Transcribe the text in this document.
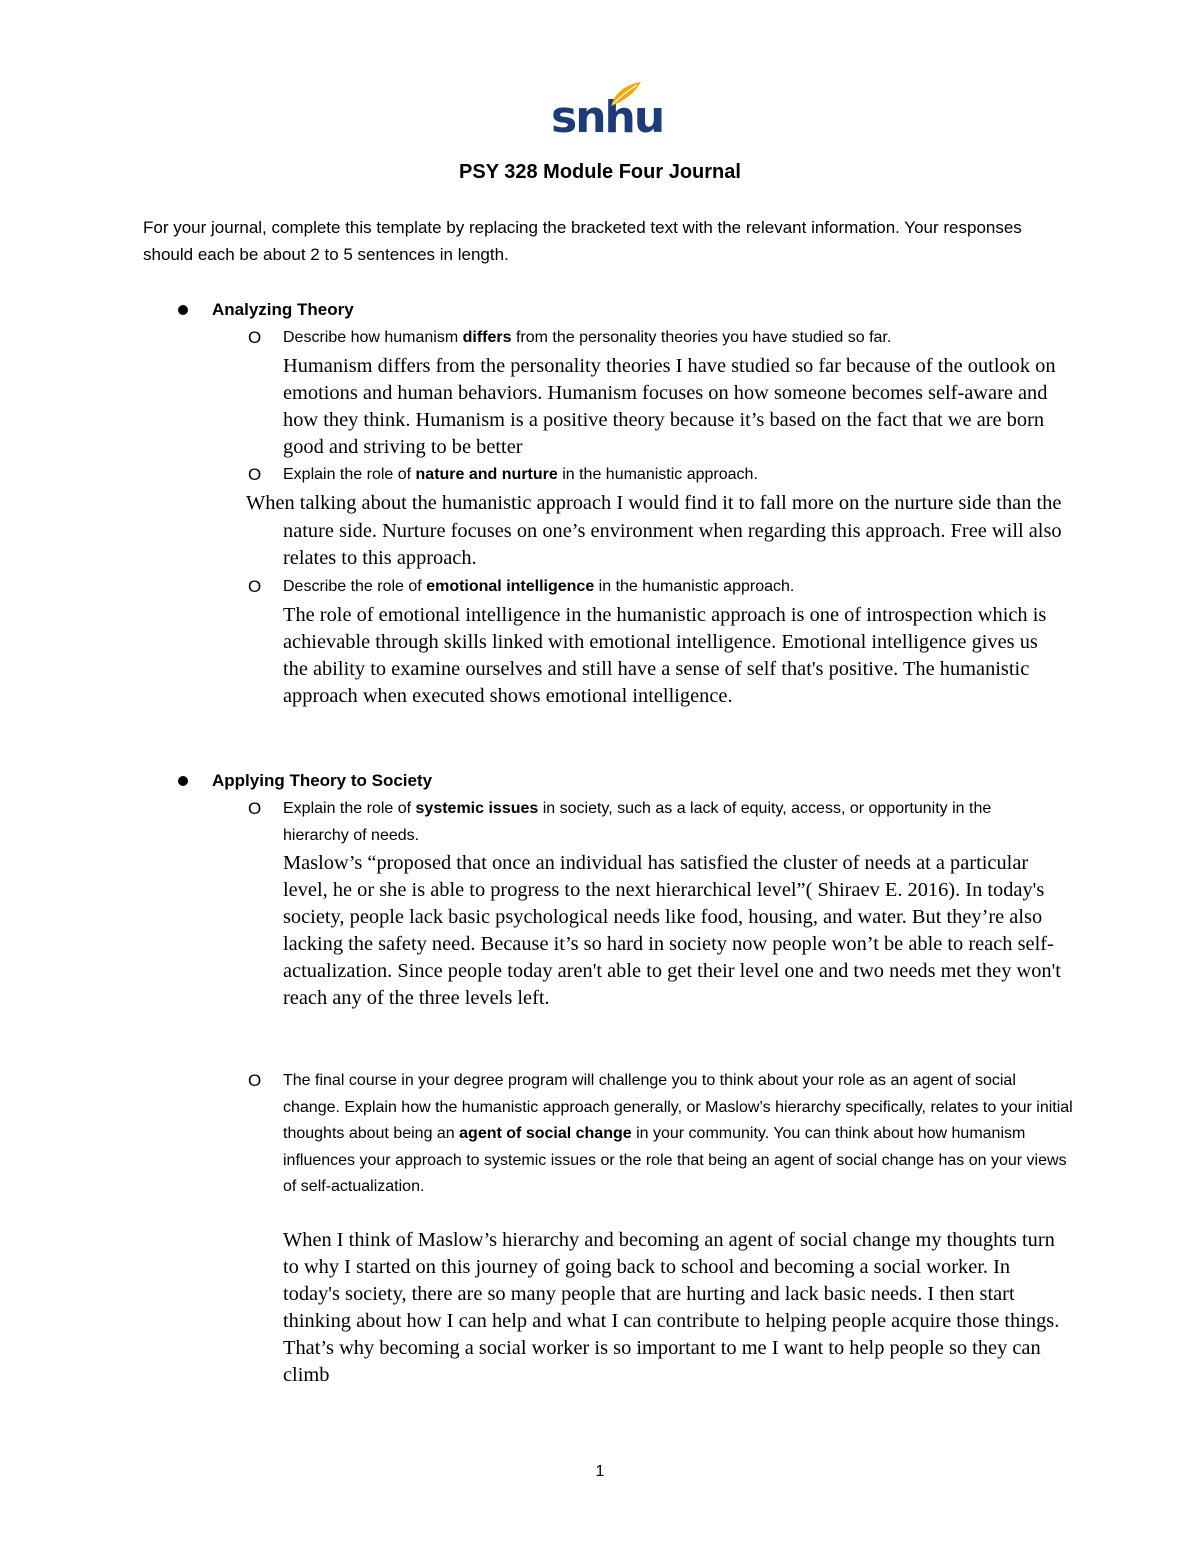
snhu
PSY 328 Module Four Journal
For your journal, complete this template by replacing the bracketed text with the relevant information. Your responses should each be about 2 to 5 sentences in length.
Analyzing Theory
O Describe how humanism differs from the personality theories you have studied so far.
Humanism differs from the personality theories I have studied so far because of the outlook on emotions and human behaviors. Humanism focuses on how someone becomes self-aware and how they think. Humanism is a positive theory because it’s based on the fact that we are born good and striving to be better
O Explain the role of nature and nurture in the humanistic approach.
When talking about the humanistic approach I would find it to fall more on the nurture side than the nature side. Nurture focuses on one’s environment when regarding this approach. Free will also relates to this approach.
O Describe the role of emotional intelligence in the humanistic approach.
The role of emotional intelligence in the humanistic approach is one of introspection which is achievable through skills linked with emotional intelligence. Emotional intelligence gives us the ability to examine ourselves and still have a sense of self that's positive. The humanistic approach when executed shows emotional intelligence.
Applying Theory to Society
O Explain the role of systemic issues in society, such as a lack of equity, access, or opportunity in the hierarchy of needs.
Maslow’s “proposed that once an individual has satisfied the cluster of needs at a particular level, he or she is able to progress to the next hierarchical level”( Shiraev E. 2016). In today's society, people lack basic psychological needs like food, housing, and water. But they’re also lacking the safety need. Because it’s so hard in society now people won’t be able to reach self-actualization. Since people today aren't able to get their level one and two needs met they won't reach any of the three levels left.
O The final course in your degree program will challenge you to think about your role as an agent of social change. Explain how the humanistic approach generally, or Maslow’s hierarchy specifically, relates to your initial thoughts about being an agent of social change in your community. You can think about how humanism influences your approach to systemic issues or the role that being an agent of social change has on your views of self-actualization.
When I think of Maslow’s hierarchy and becoming an agent of social change my thoughts turn to why I started on this journey of going back to school and becoming a social worker. In today's society, there are so many people that are hurting and lack basic needs. I then start thinking about how I can help and what I can contribute to helping people acquire those things. That’s why becoming a social worker is so important to me I want to help people so they can climb
1
